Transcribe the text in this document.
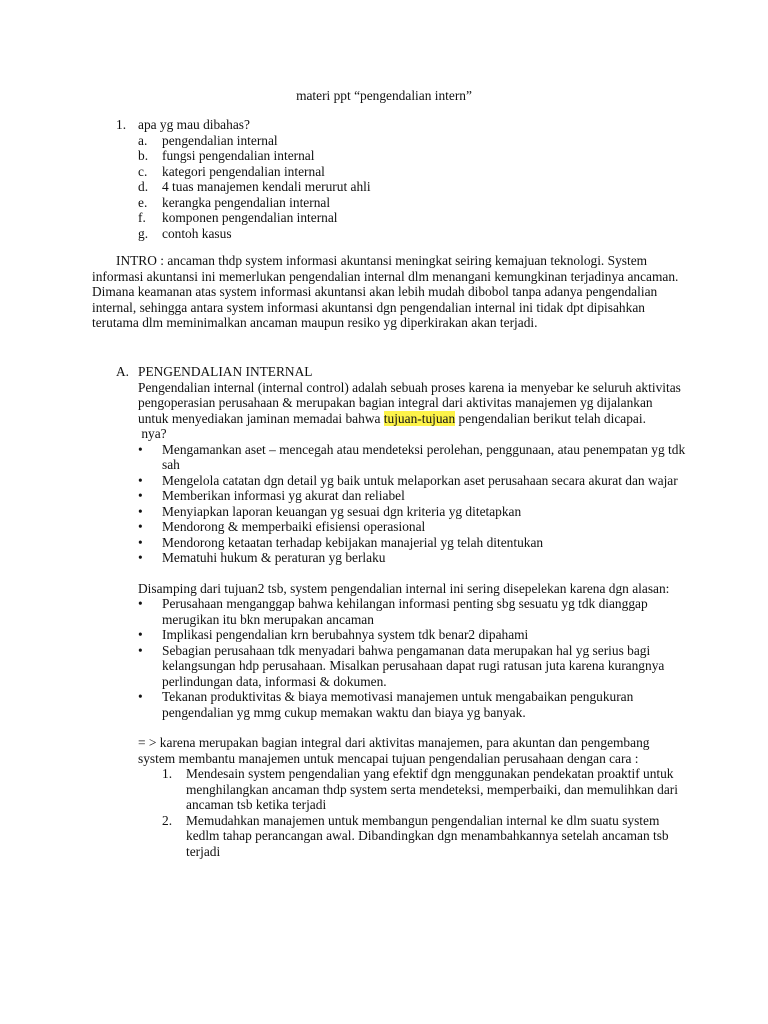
materi ppt “pengendalian intern”
1. apa yg mau dibahas?
a.	pengendalian internal
b.	fungsi pengendalian internal
c.	kategori pengendalian internal
d.	4 tuas manajemen kendali merurut ahli
e.	kerangka pengendalian internal
f.	komponen pengendalian internal
g.	contoh kasus
INTRO : ancaman thdp system informasi akuntansi meningkat seiring kemajuan teknologi. System informasi akuntansi ini memerlukan pengendalian internal dlm menangani kemungkinan terjadinya ancaman. Dimana keamanan atas system informasi akuntansi akan lebih mudah dibobol tanpa adanya pengendalian internal, sehingga antara system informasi akuntansi dgn pengendalian internal ini tidak dpt dipisahkan terutama dlm meminimalkan ancaman maupun resiko yg diperkirakan akan terjadi.
A. PENGENDALIAN INTERNAL
Pengendalian internal (internal control) adalah sebuah proses karena ia menyebar ke seluruh aktivitas pengoperasian perusahaan & merupakan bagian integral dari aktivitas manajemen yg dijalankan untuk menyediakan jaminan memadai bahwa tujuan-tujuan pengendalian berikut telah dicapai.
nya?
•	Mengamankan aset – mencegah atau mendeteksi perolehan, penggunaan, atau penempatan yg tdk sah
•	Mengelola catatan dgn detail yg baik untuk melaporkan aset perusahaan secara akurat dan wajar
•	Memberikan informasi yg akurat dan reliabel
•	Menyiapkan laporan keuangan yg sesuai dgn kriteria yg ditetapkan
•	Mendorong & memperbaiki efisiensi operasional
•	Mendorong ketaatan terhadap kebijakan manajerial yg telah ditentukan
•	Mematuhi hukum & peraturan yg berlaku
Disamping dari tujuan2 tsb, system pengendalian internal ini sering disepelekan karena dgn alasan:
•	Perusahaan menganggap bahwa kehilangan informasi penting sbg sesuatu yg tdk dianggap merugikan itu bkn merupakan ancaman
•	Implikasi pengendalian krn berubahnya system tdk benar2 dipahami
•	Sebagian perusahaan tdk menyadari bahwa pengamanan data merupakan hal yg serius bagi kelangsungan hdp perusahaan. Misalkan perusahaan dapat rugi ratusan juta karena kurangnya perlindungan data, informasi & dokumen.
•	Tekanan produktivitas & biaya memotivasi manajemen untuk mengabaikan pengukuran pengendalian yg mmg cukup memakan waktu dan biaya yg banyak.
= > karena merupakan bagian integral dari aktivitas manajemen, para akuntan dan pengembang system membantu manajemen untuk mencapai tujuan pengendalian perusahaan dengan cara :
1.	Mendesain system pengendalian yang efektif dgn menggunakan pendekatan proaktif untuk menghilangkan ancaman thdp system serta mendeteksi, memperbaiki, dan memulihkan dari ancaman tsb ketika terjadi
2.	Memudahkan manajemen untuk membangun pengendalian internal ke dlm suatu system kedlm tahap perancangan awal. Dibandingkan dgn menambahkannya setelah ancaman tsb terjadi
